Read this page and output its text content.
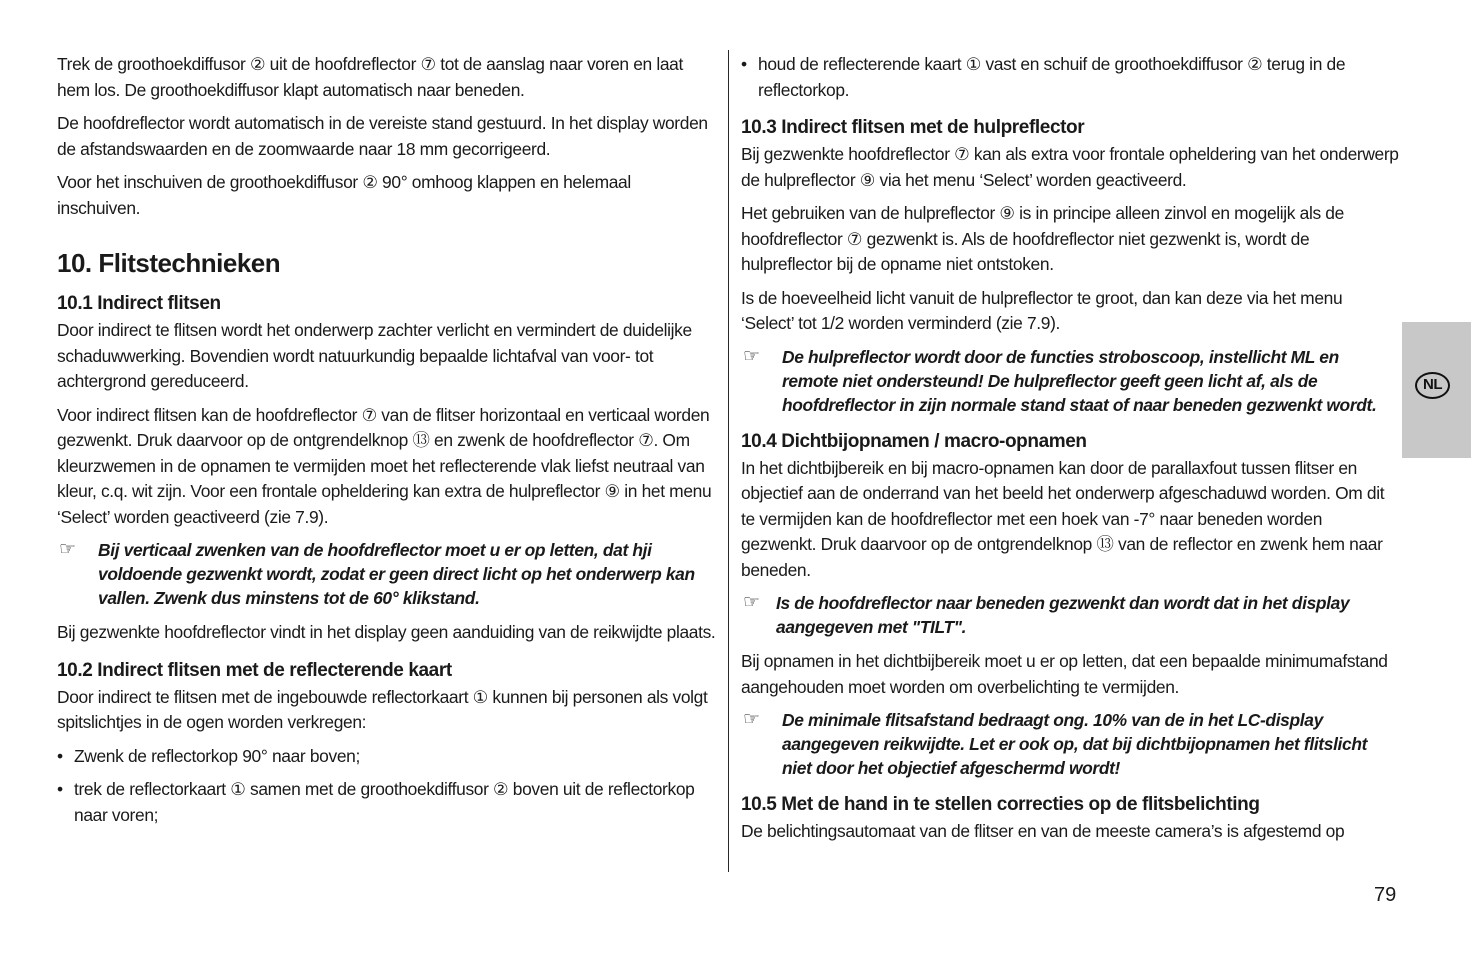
Trek de groothoekdiffusor ② uit de hoofdreflector ⑦ tot de aanslag naar voren en laat hem los. De groothoekdiffusor klapt automatisch naar beneden.

De hoofdreflector wordt automatisch in de vereiste stand gestuurd. In het display worden de afstandswaarden en de zoomwaarde naar 18 mm gecorrigeerd.

Voor het inschuiven de groothoekdiffusor ② 90° omhoog klappen en helemaal inschuiven.

10. Flitstechnieken
10.1 Indirect flitsen

Door indirect te flitsen wordt het onderwerp zachter verlicht en vermindert de duidelijke schaduwwerking. Bovendien wordt natuurkundig bepaalde lichtafval van voor- tot achtergrond gereduceerd.

Voor indirect flitsen kan de hoofdreflector ⑦ van de flitser horizontaal en verticaal worden gezwenkt. Druk daarvoor op de ontgrendelknop ⑬ en zwenk de hoofdreflector ⑦. Om kleurzwemen in de opnamen te vermijden moet het reflecterende vlak liefst neutraal van kleur, c.q. wit zijn. Voor een frontale opheldering kan extra de hulpreflector ⑨ in het menu ‘Select’ worden geactiveerd (zie 7.9).

☞ Bij verticaal zwenken van de hoofdreflector moet u er op letten, dat hji voldoende gezwenkt wordt, zodat er geen direct licht op het onderwerp kan vallen. Zwenk dus minstens tot de 60° klikstand.

Bij gezwenkte hoofdreflector vindt in het display geen aanduiding van de reikwijdte plaats.

10.2 Indirect flitsen met de reflecterende kaart

Door indirect te flitsen met de ingebouwde reflectorkaart ① kunnen bij personen als volgt spitslichtjes in de ogen worden verkregen:

• Zwenk de reflectorkop 90° naar boven;

• trek de reflectorkaart ① samen met de groothoekdiffusor ② boven uit de reflectorkop naar voren;

• houd de reflecterende kaart ① vast en schuif de groothoekdiffusor ② terug in de reflectorkop.

10.3 Indirect flitsen met de hulpreflector

Bij gezwenkte hoofdreflector ⑦ kan als extra voor frontale opheldering van het onderwerp de hulpreflector ⑨ via het menu ‘Select’ worden geactiveerd.

Het gebruiken van de hulpreflector ⑨ is in principe alleen zinvol en mogelijk als de hoofdreflector ⑦ gezwenkt is. Als de hoofdreflector niet gezwenkt is, wordt de hulpreflector bij de opname niet ontstoken.

Is de hoeveelheid licht vanuit de hulpreflector te groot, dan kan deze via het menu ‘Select’ tot 1/2 worden verminderd (zie 7.9).

☞ De hulpreflector wordt door de functies stroboscoop, instellicht ML en remote niet ondersteund! De hulpreflector geeft geen licht af, als de hoofdreflector in zijn normale stand staat of naar beneden gezwenkt wordt.
10.4 Dichtbijopnamen / macro-opnamen

In het dichtbijbereik en bij macro-opnamen kan door de parallaxfout tussen flitser en objectief aan de onderrand van het beeld het onderwerp afgeschaduwd worden. Om dit te vermijden kan de hoofdreflector met een hoek van -7° naar beneden worden gezwenkt. Druk daarvoor op de ontgrendelknop ⑬ van de reflector en zwenk hem naar beneden.

☞ Is de hoofdreflector naar beneden gezwenkt dan wordt dat in het display aangegeven met "TILT".

Bij opnamen in het dichtbijbereik moet u er op letten, dat een bepaalde minimumafstand aangehouden moet worden om overbelichting te vermijden.

☞ De minimale flitsafstand bedraagt ong. 10% van de in het LC-display aangegeven reikwijdte. Let er ook op, dat bij dichtbijopnamen het flitslicht niet door het objectief afgeschermd wordt!
10.5 Met de hand in te stellen correcties op de flitsbelichting

De belichtingsautomaat van de flitser en van de meeste camera’s is afgestemd op

NL
79
